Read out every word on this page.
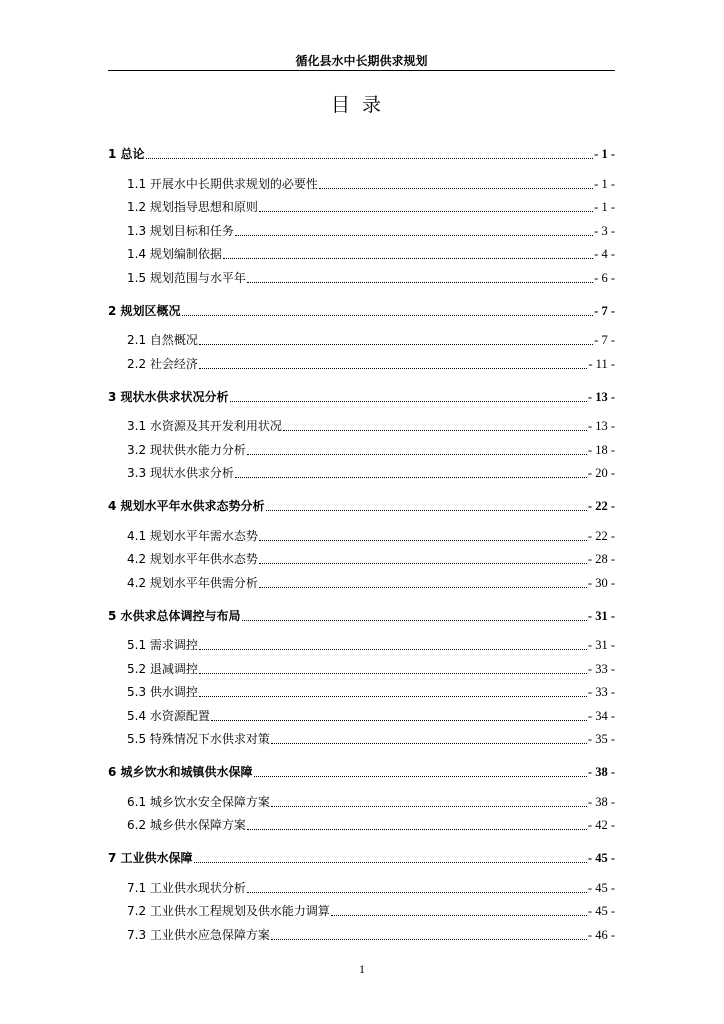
循化县水中长期供求规划
目录
1 总论	- 1 -
1.1 开展水中长期供求规划的必要性	- 1 -
1.2 规划指导思想和原则	- 1 -
1.3 规划目标和任务	- 3 -
1.4 规划编制依据	- 4 -
1.5 规划范围与水平年	- 6 -
2 规划区概况	- 7 -
2.1 自然概况	- 7 -
2.2 社会经济	- 11 -
3 现状水供求状况分析	- 13 -
3.1 水资源及其开发利用状况	- 13 -
3.2 现状供水能力分析	- 18 -
3.3 现状水供求分析	- 20 -
4 规划水平年水供求态势分析	- 22 -
4.1 规划水平年需水态势	- 22 -
4.2 规划水平年供水态势	- 28 -
4.2 规划水平年供需分析	- 30 -
5 水供求总体调控与布局	- 31 -
5.1 需求调控	- 31 -
5.2 退减调控	- 33 -
5.3 供水调控	- 33 -
5.4 水资源配置	- 34 -
5.5 特殊情况下水供求对策	- 35 -
6 城乡饮水和城镇供水保障	- 38 -
6.1 城乡饮水安全保障方案	- 38 -
6.2 城乡供水保障方案	- 42 -
7 工业供水保障	- 45 -
7.1 工业供水现状分析	- 45 -
7.2 工业供水工程规划及供水能力调算	- 45 -
7.3 工业供水应急保障方案	- 46 -
1
